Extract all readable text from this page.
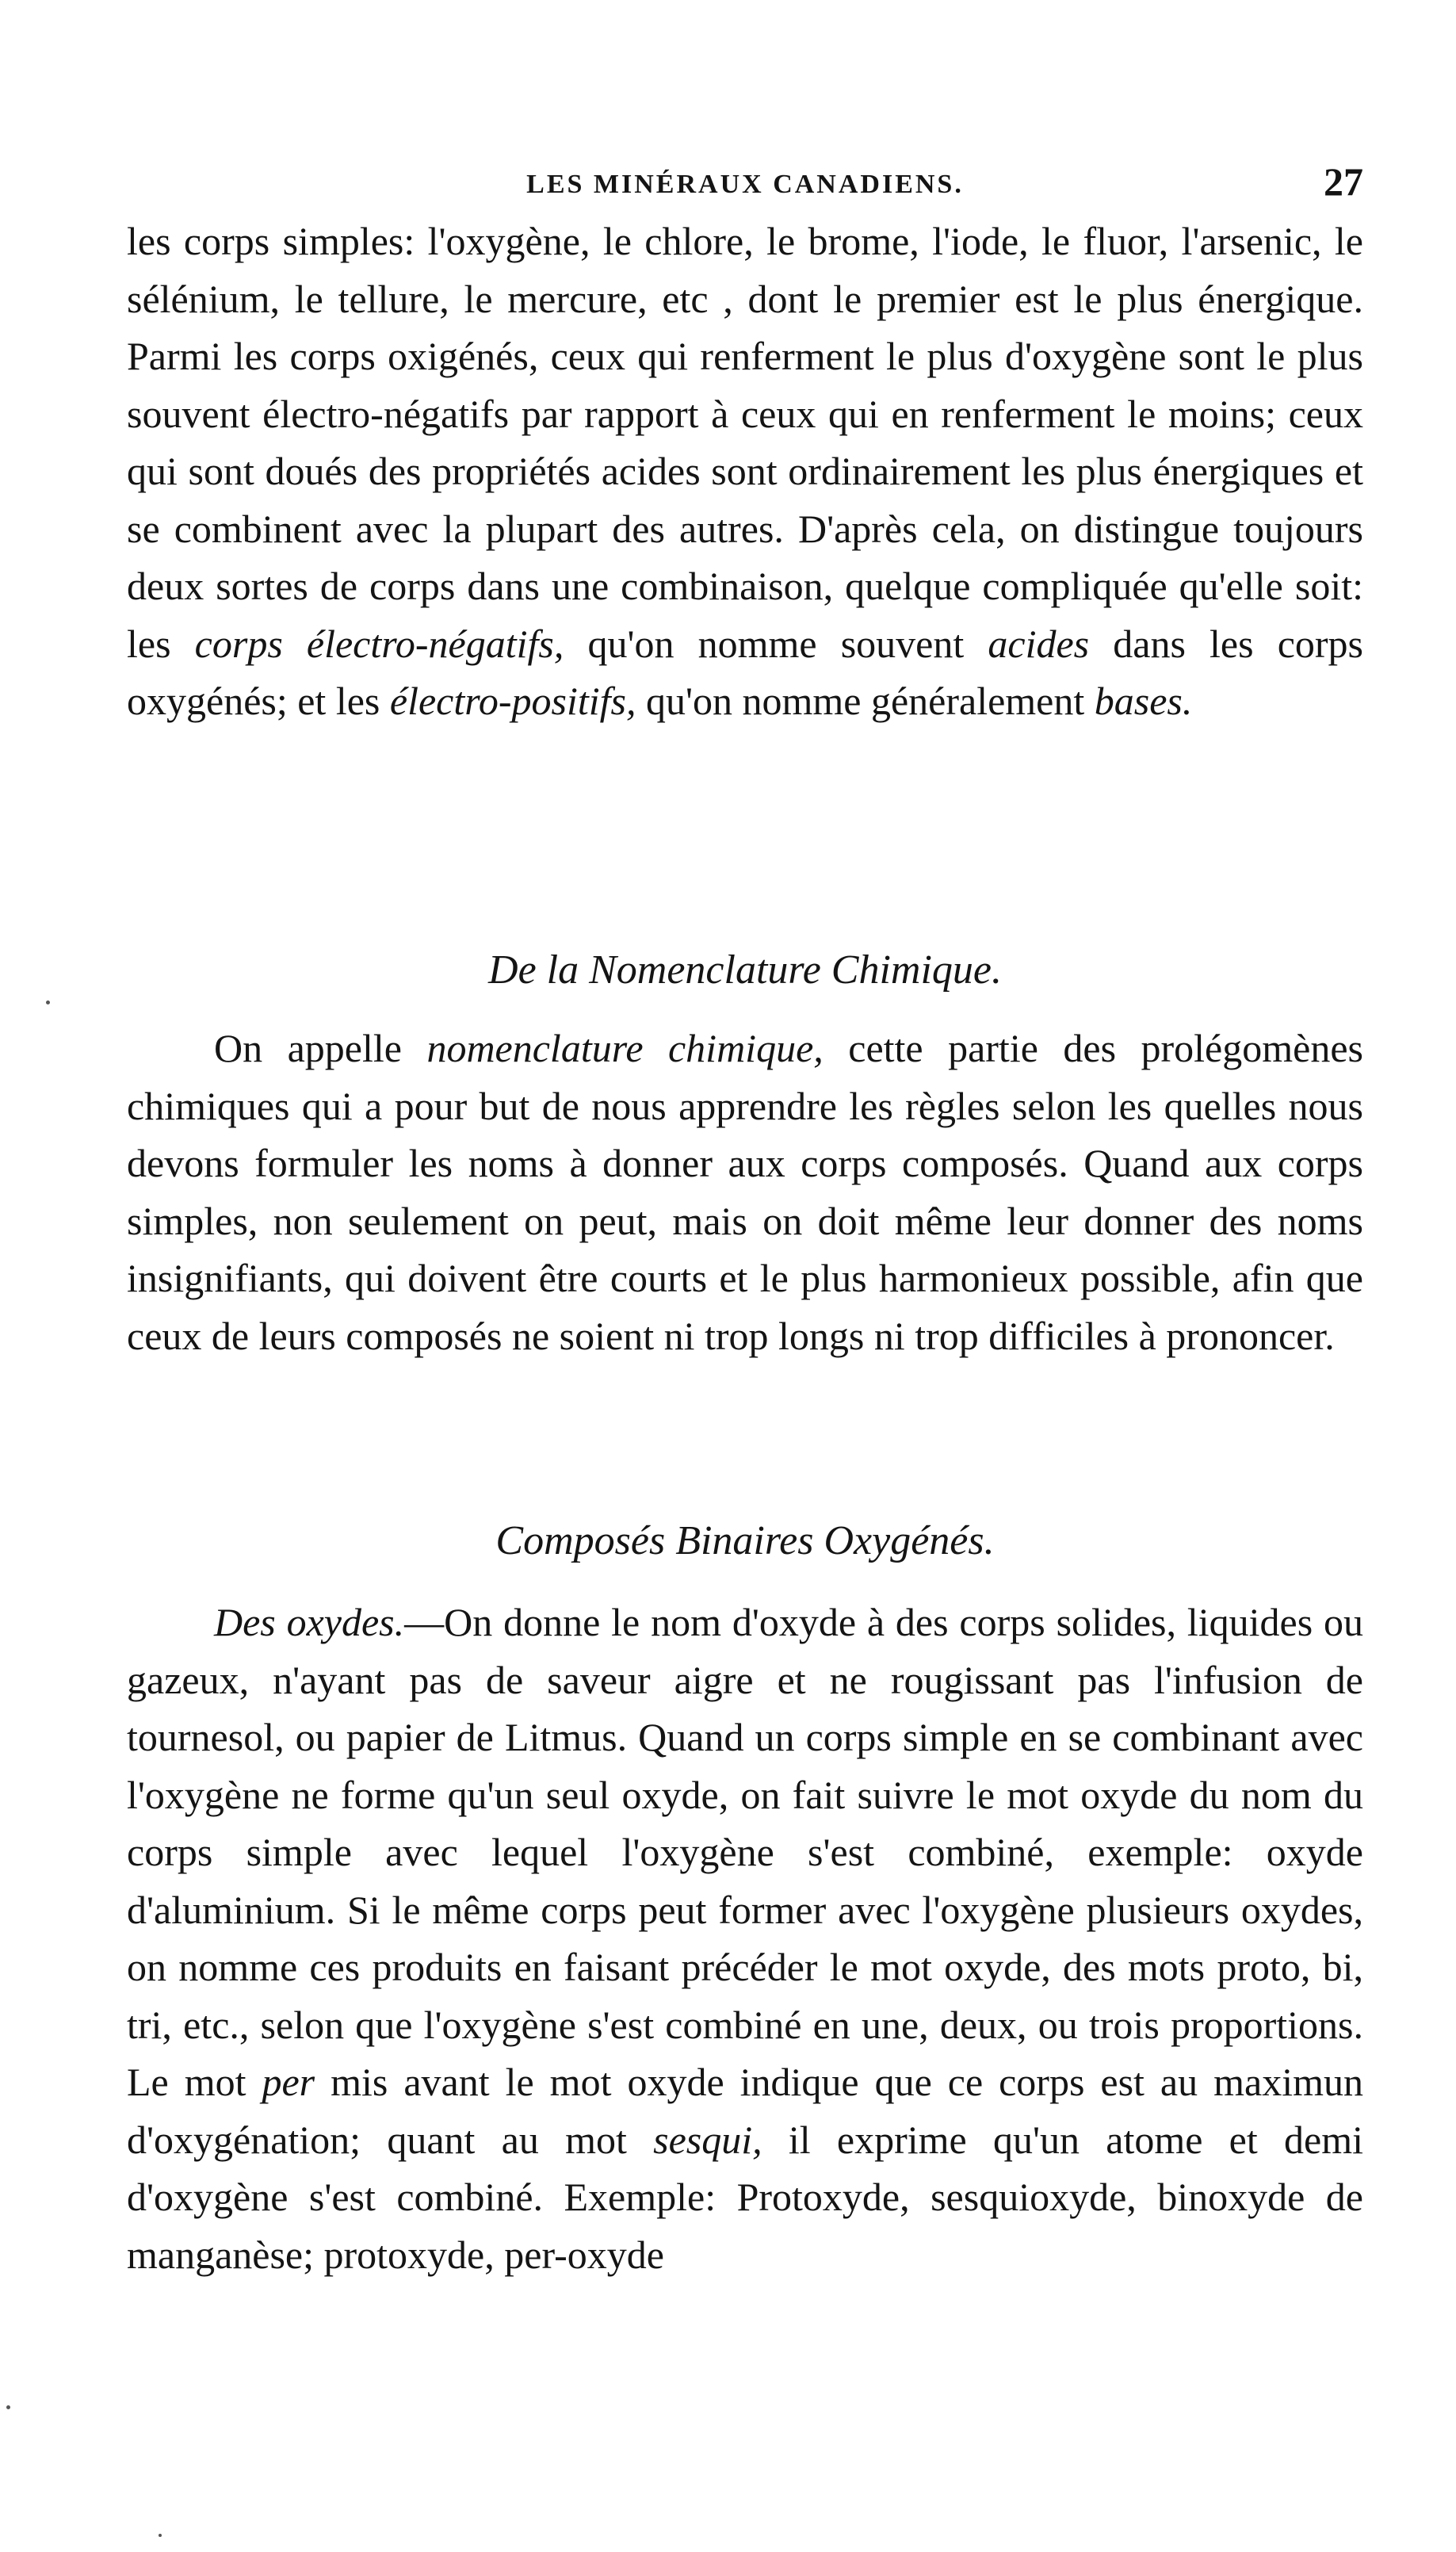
LES MINÉRAUX CANADIENS.	27

les corps simples: l'oxygène, le chlore, le brome, l'iode, le fluor, l'arsenic, le sélénium, le tellure, le mercure, etc , dont le premier est le plus énergique. Parmi les corps oxigénés, ceux qui renferment le plus d'oxygène sont le plus souvent électro-négatifs par rapport à ceux qui en renferment le moins; ceux qui sont doués des propriétés acides sont ordinairement les plus énergiques et se combinent avec la plupart des autres. D'après cela, on distingue toujours deux sortes de corps dans une combinaison, quelque compliquée qu'elle soit: les corps électro-négatifs, qu'on nomme souvent acides dans les corps oxygénés; et les électro-positifs, qu'on nomme généralement bases.

De la Nomenclature Chimique.

On appelle nomenclature chimique, cette partie des prolégomènes chimiques qui a pour but de nous apprendre les règles selon les quelles nous devons formuler les noms à donner aux corps composés. Quand aux corps simples, non seulement on peut, mais on doit même leur donner des noms insignifiants, qui doivent être courts et le plus harmonieux possible, afin que ceux de leurs composés ne soient ni trop longs ni trop difficiles à prononcer.

Composés Binaires Oxygénés.

Des oxydes.—On donne le nom d'oxyde à des corps solides, liquides ou gazeux, n'ayant pas de saveur aigre et ne rougissant pas l'infusion de tournesol, ou papier de Litmus. Quand un corps simple en se combinant avec l'oxygène ne forme qu'un seul oxyde, on fait suivre le mot oxyde du nom du corps simple avec lequel l'oxygène s'est combiné, exemple: oxyde d'aluminium. Si le même corps peut former avec l'oxygène plusieurs oxydes, on nomme ces produits en faisant précéder le mot oxyde, des mots proto, bi, tri, etc., selon que l'oxygène s'est combiné en une, deux, ou trois proportions. Le mot per mis avant le mot oxyde indique que ce corps est au maximun d'oxygénation; quant au mot sesqui, il exprime qu'un atome et demi d'oxygène s'est combiné. Exemple: Protoxyde, sesquioxyde, binoxyde de manganèse; protoxyde, per-oxyde
